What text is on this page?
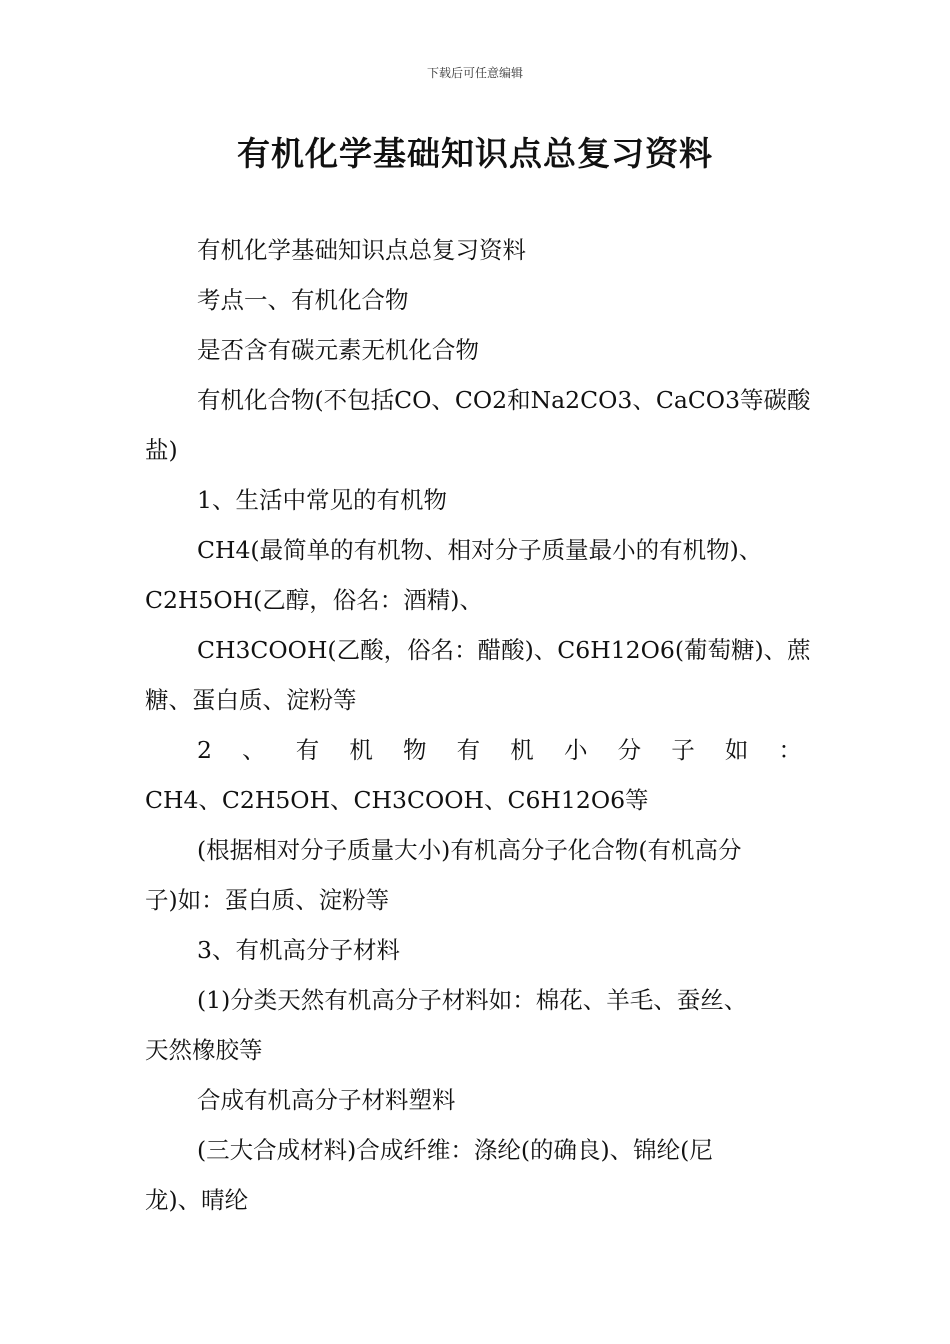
下载后可任意编辑
有机化学基础知识点总复习资料

有机化学基础知识点总复习资料

考点一、有机化合物

是否含有碳元素无机化合物

有机化合物(不包括CO、CO2和Na2CO3、CaCO3等碳酸
盐)

1、生活中常见的有机物

CH4(最简单的有机物、相对分子质量最小的有机物)、
C2H5OH(乙醇，俗名：酒精)、
CH3COOH(乙酸，俗名：醋酸)、C6H12O6(葡萄糖)、蔗
糖、蛋白质、淀粉等
2 、 有 机 物 有 机 小 分 子 如 ：
CH4、C2H5OH、CH3COOH、C6H12O6等
(根据相对分子质量大小)有机高分子化合物(有机高分
子)如：蛋白质、淀粉等

3、有机高分子材料

(1)分类天然有机高分子材料如：棉花、羊毛、蚕丝、
天然橡胶等

合成有机高分子材料塑料

(三大合成材料)合成纤维：涤纶(的确良)、锦纶(尼
龙)、晴纶
